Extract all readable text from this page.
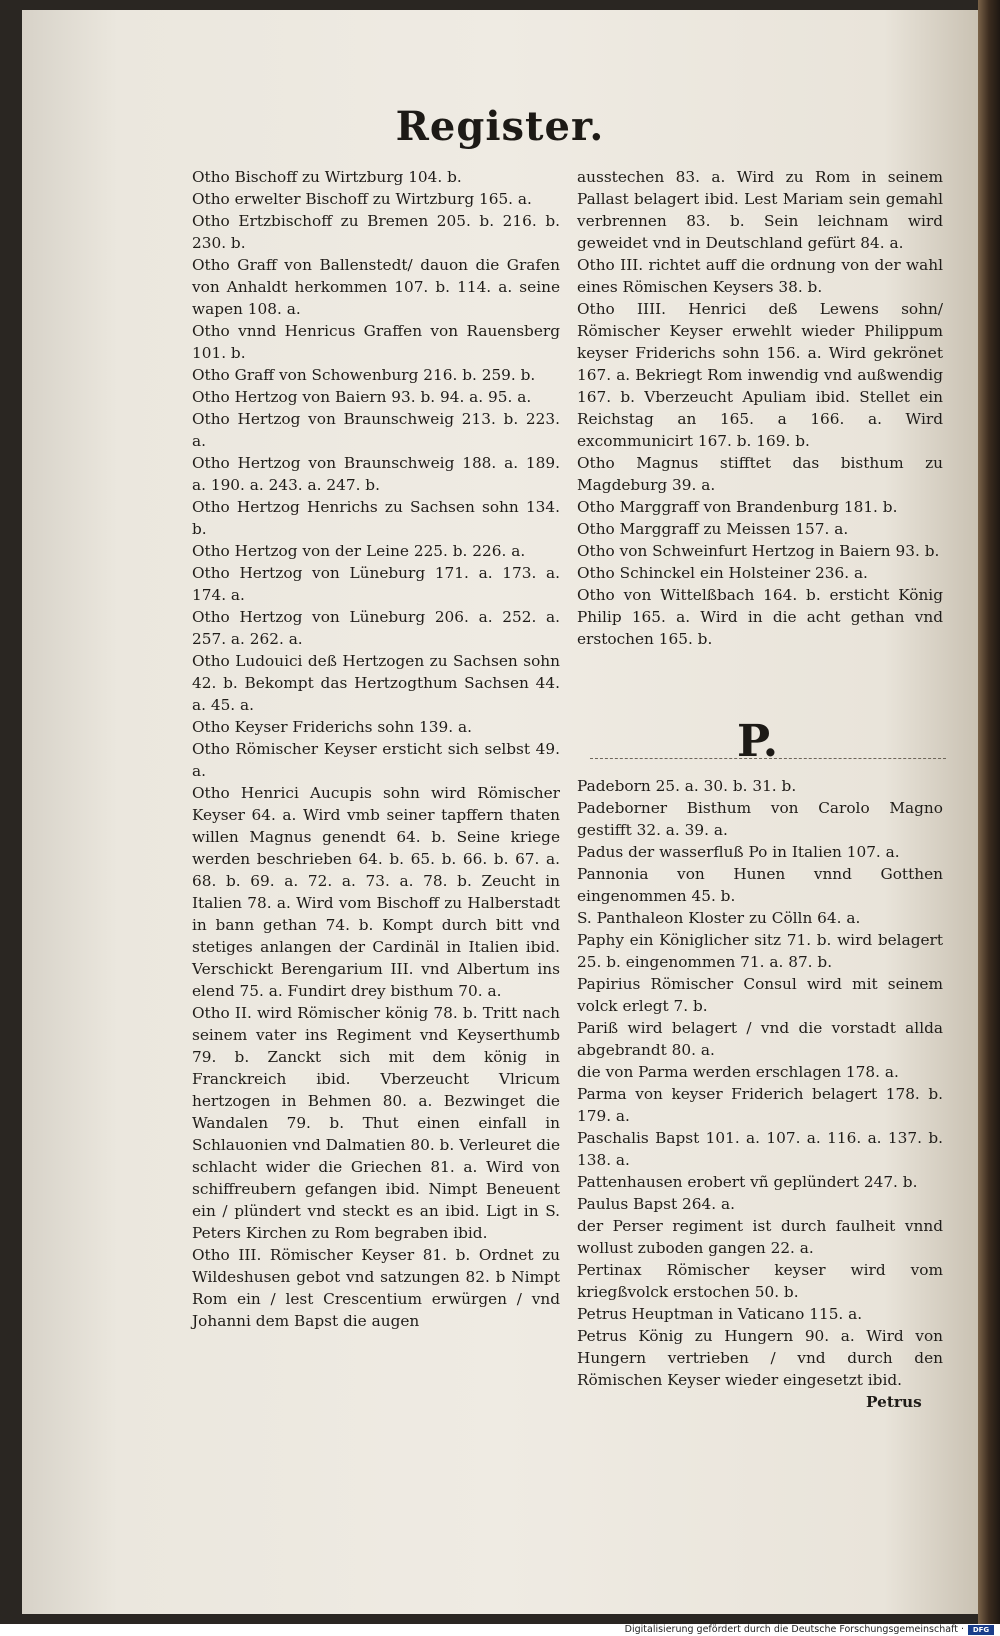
Register.
Otho Bischoff zu Wirtzburg 104. b.
Otho erwelter Bischoff zu Wirtzburg 165. a.
Otho Ertzbischoff zu Bremen 205. b. 216. b. 230. b.
Otho Graff von Ballenstedt/ dauon die Grafen von Anhaldt herkommen 107. b. 114. a. seine wapen 108. a.
Otho vnnd Henricus Graffen von Rauensberg 101. b.
Otho Graff von Schowenburg 216. b. 259. b.
Otho Hertzog von Baiern 93. b. 94. a. 95. a.
Otho Hertzog von Braunschweig 213. b. 223. a.
Otho Hertzog von Braunschweig 188. a. 189. a. 190. a. 243. a. 247. b.
Otho Hertzog Henrichs zu Sachsen sohn 134. b.
Otho Hertzog von der Leine 225. b. 226. a.
Otho Hertzog von Lüneburg 171. a. 173. a. 174. a.
Otho Hertzog von Lüneburg 206. a. 252. a. 257. a. 262. a.
Otho Ludouici deß Hertzogen zu Sachsen sohn 42. b. Bekompt das Hertzogthum Sachsen 44. a. 45. a.
Otho Keyser Friderichs sohn 139. a.
Otho Römischer Keyser ersticht sich selbst 49. a.
Otho Henrici Aucupis sohn wird Römischer Keyser 64. a. Wird vmb seiner tapffern thaten willen Magnus genendt 64. b. Seine kriege werden beschrieben 64. b. 65. b. 66. b. 67. a. 68. b. 69. a. 72. a. 73. a. 78. b. Zeucht in Italien 78. a. Wird vom Bischoff zu Halberstadt in bann gethan 74. b. Kompt durch bitt vnd stetiges anlangen der Cardinäl in Italien ibid. Verschickt Berengarium III. vnd Albertum ins elend 75. a. Fundirt drey bisthum 70. a.
Otho II. wird Römischer könig 78. b. Tritt nach seinem vater ins Regiment vnd Keyserthumb 79. b. Zanckt sich mit dem könig in Franckreich ibid. Vberzeucht Vlricum hertzogen in Behmen 80. a. Bezwinget die Wandalen 79. b. Thut einen einfall in Schlauonien vnd Dalmatien 80. b. Verleuret die schlacht wider die Griechen 81. a. Wird von schiffreubern gefangen ibid. Nimpt Beneuent ein / plündert vnd steckt es an ibid. Ligt in S. Peters Kirchen zu Rom begraben ibid.
Otho III. Römischer Keyser 81. b. Ordnet zu Wildeshusen gebot vnd satzungen 82. b Nimpt Rom ein / lest Crescentium erwürgen / vnd Johanni dem Bapst die augen
ausstechen 83. a. Wird zu Rom in seinem Pallast belagert ibid. Lest Mariam sein gemahl verbrennen 83. b. Sein leichnam wird geweidet vnd in Deutschland gefürt 84. a.
Otho III. richtet auff die ordnung von der wahl eines Römischen Keysers 38. b.
Otho IIII. Henrici deß Lewens sohn/ Römischer Keyser erwehlt wieder Philippum keyser Friderichs sohn 156. a. Wird gekrönet 167. a. Bekriegt Rom inwendig vnd außwendig 167. b. Vberzeucht Apuliam ibid. Stellet ein Reichstag an 165. a 166. a. Wird excommunicirt 167. b. 169. b.
Otho Magnus stifftet das bisthum zu Magdeburg 39. a.
Otho Marggraff von Brandenburg 181. b.
Otho Marggraff zu Meissen 157. a.
Otho von Schweinfurt Hertzog in Baiern 93. b.
Otho Schinckel ein Holsteiner 236. a.
Otho von Wittelßbach 164. b. ersticht König Philip 165. a. Wird in die acht gethan vnd erstochen 165. b.
P.
Padeborn 25. a. 30. b. 31. b.
Padeborner Bisthum von Carolo Magno gestifft 32. a. 39. a.
Padus der wasserfluß Po in Italien 107. a.
Pannonia von Hunen vnnd Gotthen eingenommen 45. b.
S. Panthaleon Kloster zu Cölln 64. a.
Paphy ein Königlicher sitz 71. b. wird belagert 25. b. eingenommen 71. a. 87. b.
Papirius Römischer Consul wird mit seinem volck erlegt 7. b.
Pariß wird belagert / vnd die vorstadt allda abgebrandt 80. a.
die von Parma werden erschlagen 178. a.
Parma von keyser Friderich belagert 178. b. 179. a.
Paschalis Bapst 101. a. 107. a. 116. a. 137. b. 138. a.
Pattenhausen erobert vñ geplündert 247. b.
Paulus Bapst 264. a.
der Perser regiment ist durch faulheit vnnd wollust zuboden gangen 22. a.
Pertinax Römischer keyser wird vom kriegßvolck erstochen 50. b.
Petrus Heuptman in Vaticano 115. a.
Petrus König zu Hungern 90. a. Wird von Hungern vertrieben / vnd durch den Römischen Keyser wieder eingesetzt ibid.
Petrus
Digitalisierung gefördert durch die Deutsche Forschungsgemeinschaft ·	DFG
